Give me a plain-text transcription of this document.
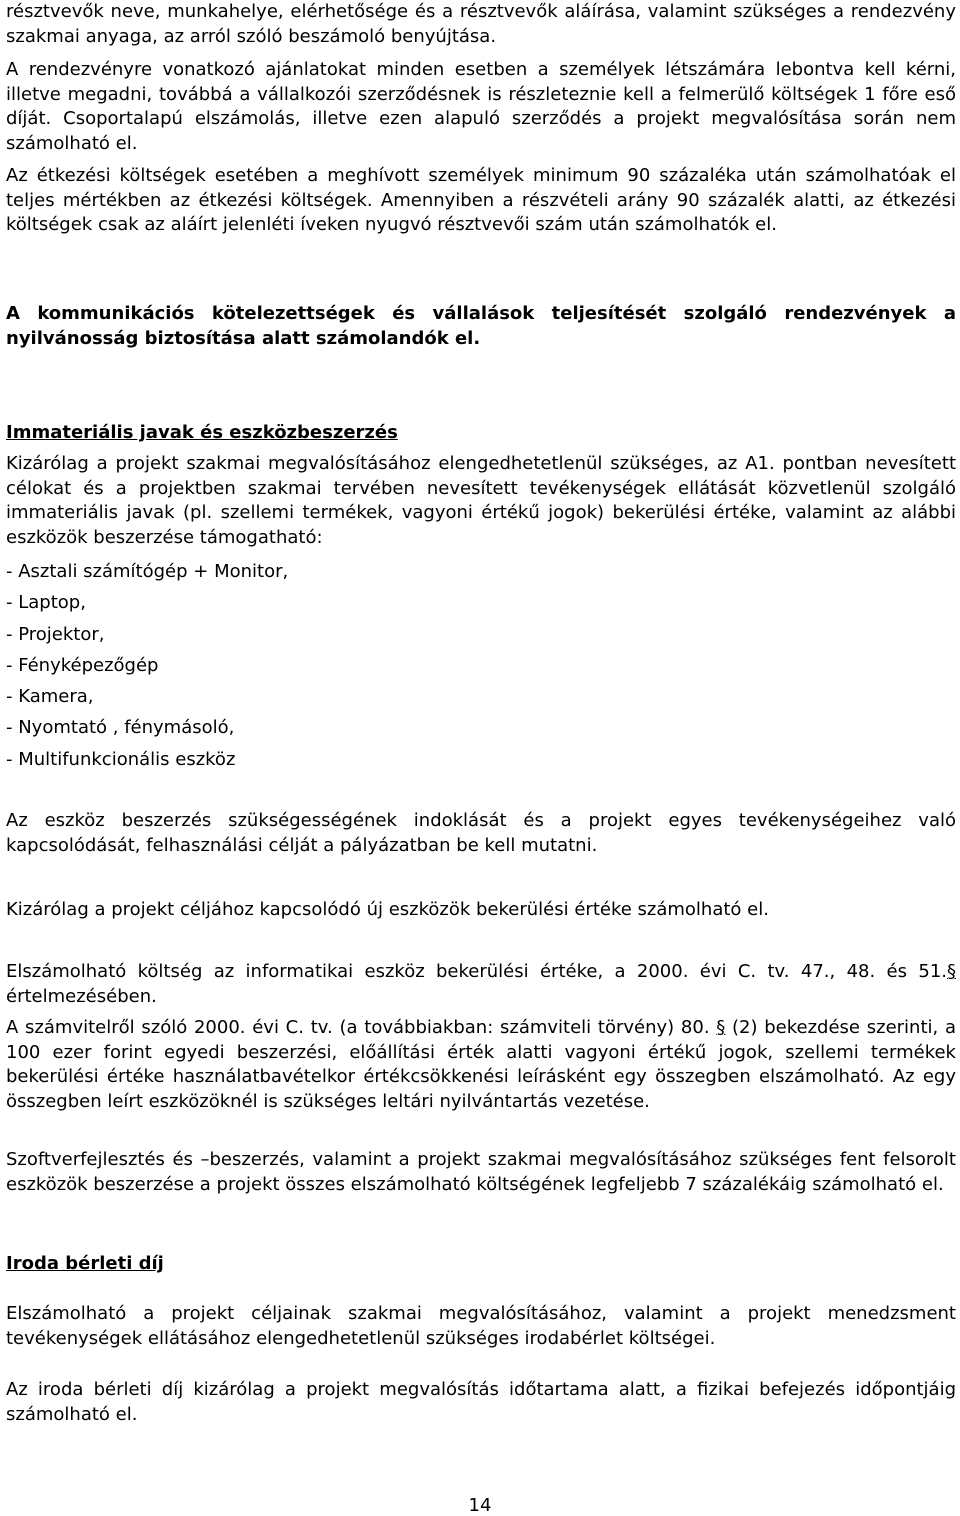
résztvevők neve, munkahelye, elérhetősége és a résztvevők aláírása, valamint szükséges a rendezvény szakmai anyaga, az arról szóló beszámoló benyújtása.

A rendezvényre vonatkozó ajánlatokat minden esetben a személyek létszámára lebontva kell kérni, illetve megadni, továbbá a vállalkozói szerződésnek is részleteznie kell a felmerülő költségek 1 főre eső díját. Csoportalapú elszámolás, illetve ezen alapuló szerződés a projekt megvalósítása során nem számolható el.

Az étkezési költségek esetében a meghívott személyek minimum 90 százaléka után számolhatóak el teljes mértékben az étkezési költségek. Amennyiben a részvételi arány 90 százalék alatti, az étkezési költségek csak az aláírt jelenléti íveken nyugvó résztvevői szám után számolhatók el.

A kommunikációs kötelezettségek és vállalások teljesítését szolgáló rendezvények a nyilvánosság biztosítása alatt számolandók el.

Immateriális javak és eszközbeszerzés

Kizárólag a projekt szakmai megvalósításához elengedhetetlenül szükséges, az A1. pontban nevesített célokat és a projektben szakmai tervében nevesített tevékenységek ellátását közvetlenül szolgáló immateriális javak (pl. szellemi termékek, vagyoni értékű jogok) bekerülési értéke, valamint az alábbi eszközök beszerzése támogatható:

- Asztali számítógép + Monitor,

- Laptop,

- Projektor,

- Fényképezőgép

- Kamera,

- Nyomtató , fénymásoló,

- Multifunkcionális eszköz

Az eszköz beszerzés szükségességének indoklását és a projekt egyes tevékenységeihez való kapcsolódását, felhasználási célját a pályázatban be kell mutatni.

Kizárólag a projekt céljához kapcsolódó új eszközök bekerülési értéke számolható el.

Elszámolható költség az informatikai eszköz bekerülési értéke, a 2000. évi C. tv. 47., 48. és 51.§ értelmezésében.

A számvitelről szóló 2000. évi C. tv. (a továbbiakban: számviteli törvény) 80. § (2) bekezdése szerinti, a 100 ezer forint egyedi beszerzési, előállítási érték alatti vagyoni értékű jogok, szellemi termékek bekerülési értéke használatbavételkor értékcsökkenési leírásként egy összegben elszámolható. Az egy összegben leírt eszközöknél is szükséges leltári nyilvántartás vezetése.

Szoftverfejlesztés és –beszerzés, valamint a projekt szakmai megvalósításához szükséges fent felsorolt eszközök beszerzése a projekt összes elszámolható költségének legfeljebb 7 százalékáig számolható el.

Iroda bérleti díj

Elszámolható a projekt céljainak szakmai megvalósításához, valamint a projekt menedzsment tevékenységek ellátásához elengedhetetlenül szükséges irodabérlet költségei.

Az iroda bérleti díj kizárólag a projekt megvalósítás időtartama alatt, a fizikai befejezés időpontjáig számolható el.

14
